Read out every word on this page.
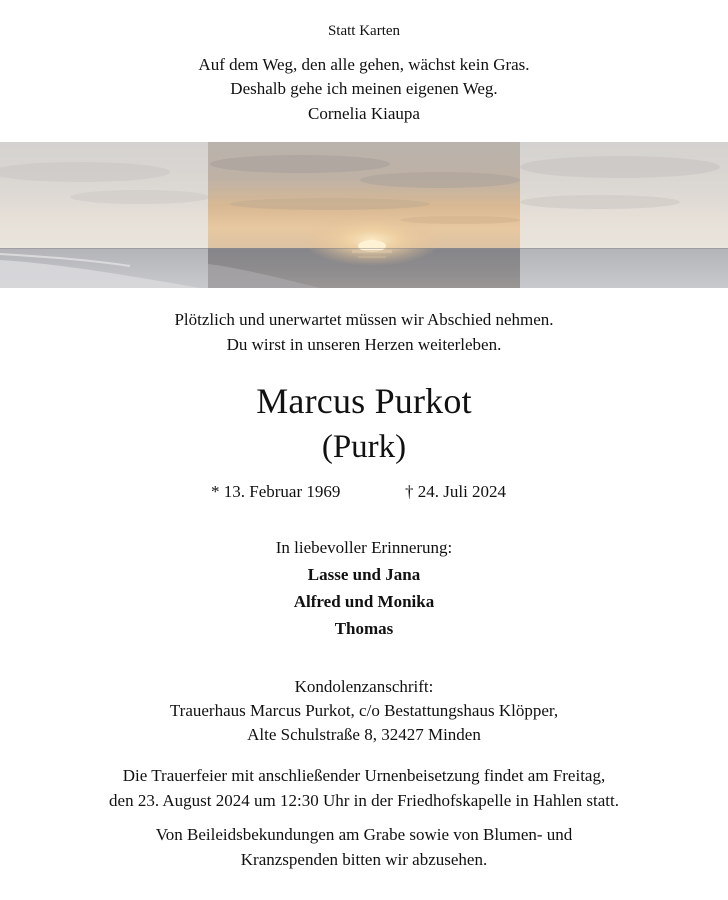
Statt Karten
Auf dem Weg, den alle gehen, wächst kein Gras.
Deshalb gehe ich meinen eigenen Weg.
Cornelia Kiaupa
Plötzlich und unerwartet müssen wir Abschied nehmen.
Du wirst in unseren Herzen weiterleben.
Marcus Purkot
(Purk)
* 13. Februar 1969	† 24. Juli 2024
In liebevoller Erinnerung:
Lasse und Jana
Alfred und Monika
Thomas
Kondolenzanschrift:
Trauerhaus Marcus Purkot, c/o Bestattungshaus Klöpper,
Alte Schulstraße 8, 32427 Minden
Die Trauerfeier mit anschließender Urnenbeisetzung findet am Freitag,
den 23. August 2024 um 12:30 Uhr in der Friedhofskapelle in Hahlen statt.
Von Beileidsbekundungen am Grabe sowie von Blumen- und
Kranzspenden bitten wir abzusehen.
